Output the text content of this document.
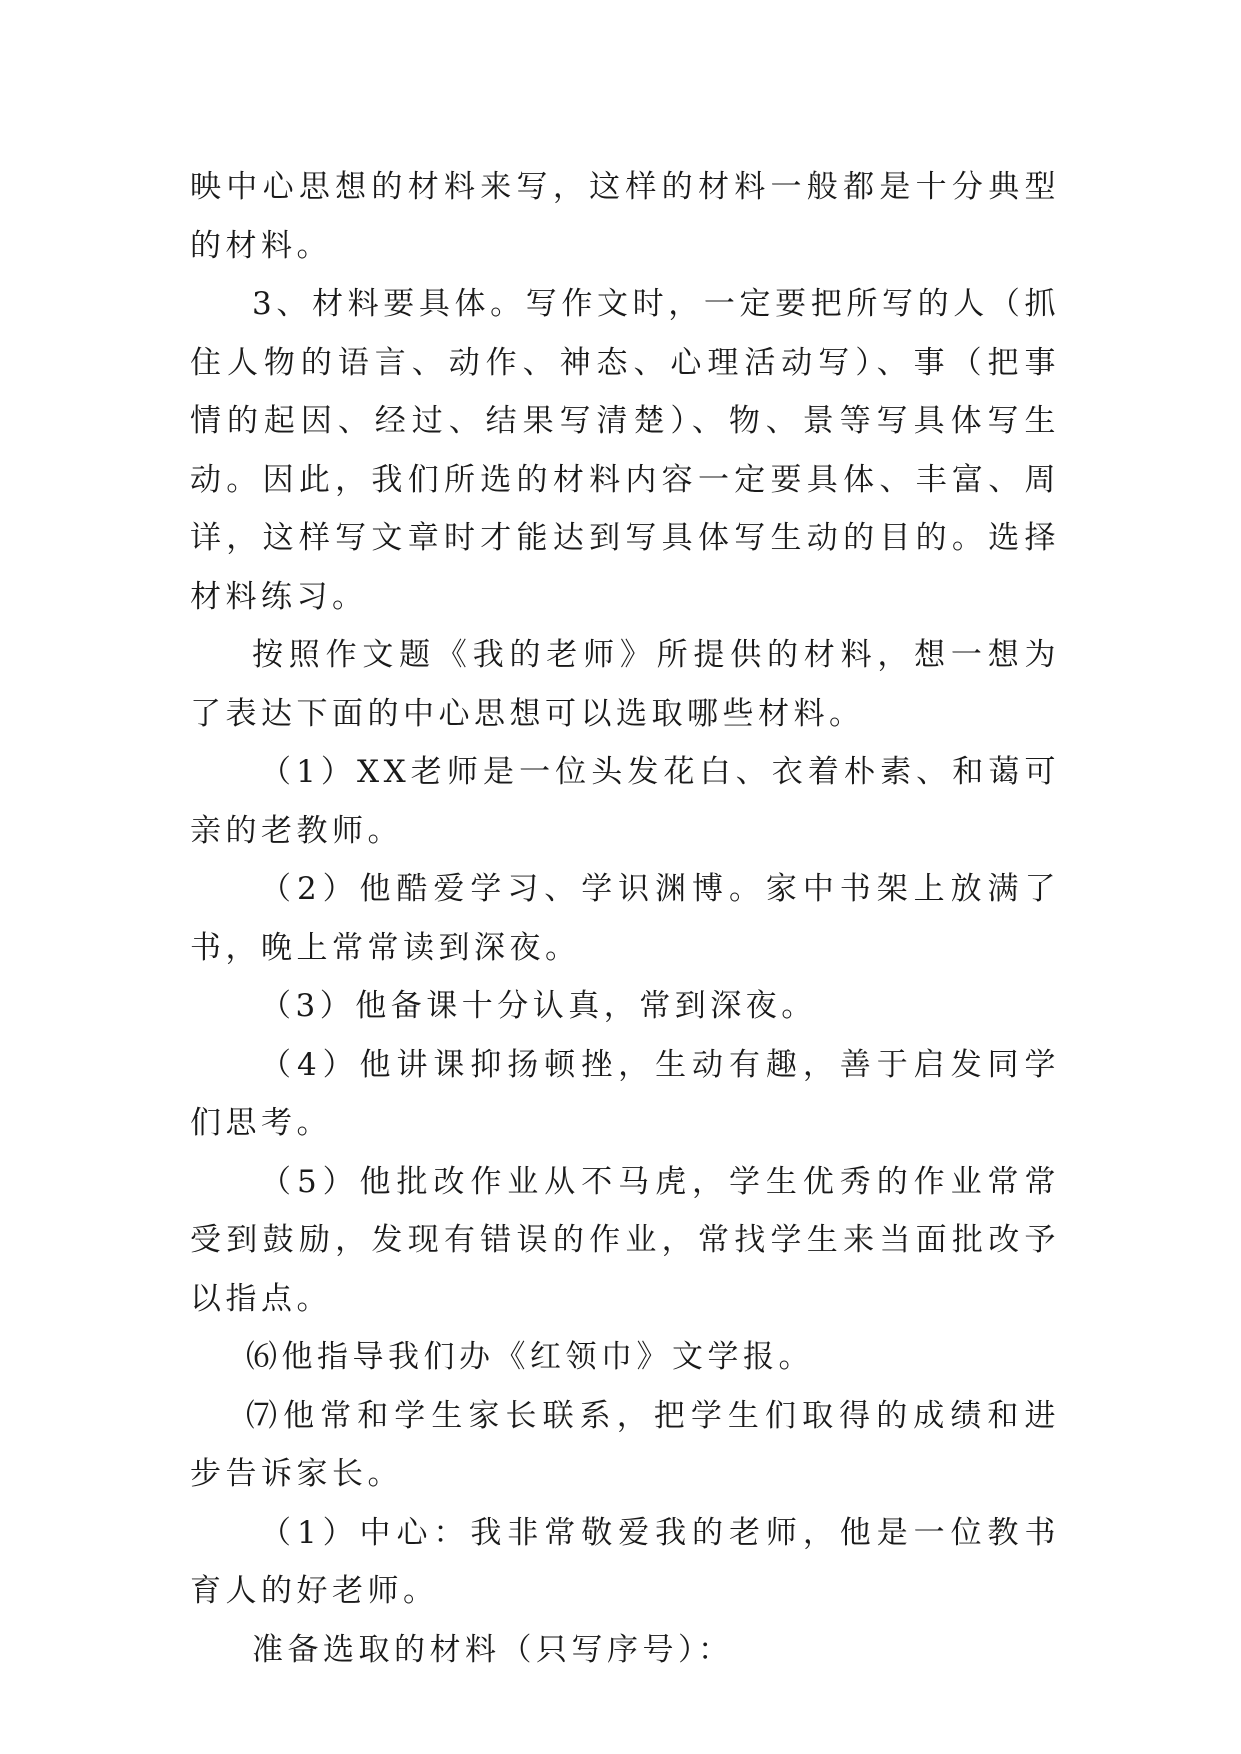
映中心思想的材料来写，这样的材料一般都是十分典型的材料。

3、材料要具体。写作文时，一定要把所写的人（抓住人物的语言、动作、神态、心理活动写）、事（把事情的起因、经过、结果写清楚）、物、景等写具体写生动。因此，我们所选的材料内容一定要具体、丰富、周详，这样写文章时才能达到写具体写生动的目的。选择材料练习。

按照作文题《我的老师》所提供的材料，想一想为了表达下面的中心思想可以选取哪些材料。

（1）XX老师是一位头发花白、衣着朴素、和蔼可亲的老教师。

（2）他酷爱学习、学识渊博。家中书架上放满了书，晚上常常读到深夜。

（3）他备课十分认真，常到深夜。

（4）他讲课抑扬顿挫，生动有趣，善于启发同学们思考。

（5）他批改作业从不马虎，学生优秀的作业常常受到鼓励，发现有错误的作业，常找学生来当面批改予以指点。

⑹他指导我们办《红领巾》文学报。

⑺他常和学生家长联系，把学生们取得的成绩和进步告诉家长。

（1）中心：我非常敬爱我的老师，他是一位教书育人的好老师。

准备选取的材料（只写序号）：
